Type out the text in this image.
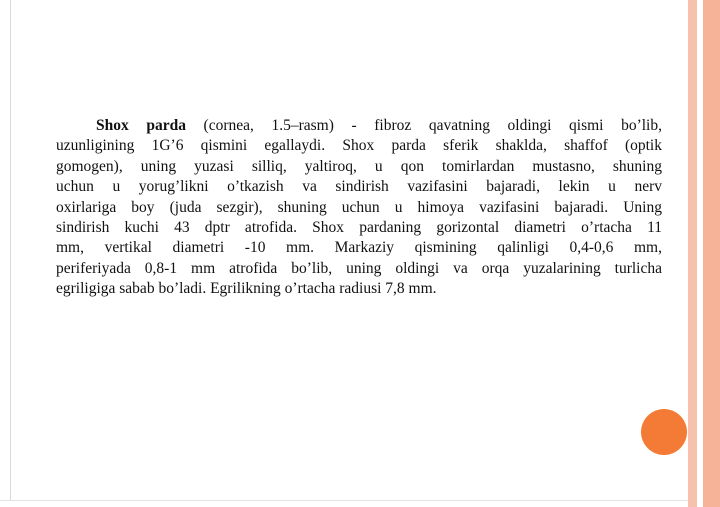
Shox parda (cornea, 1.5–rasm) - fibroz qavatning oldingi qismi bo’lib,
uzunligining 1G’6 qismini egallaydi. Shox parda sferik shaklda, shaffof (optik
gomogen), uning yuzasi silliq, yaltiroq, u qon tomirlardan mustasno, shuning
uchun u yorug’likni o’tkazish va sindirish vazifasini bajaradi, lekin u nerv
oxirlariga boy (juda sezgir), shuning uchun u himoya vazifasini bajaradi. Uning
sindirish kuchi 43 dptr atrofida. Shox pardaning gorizontal diametri o’rtacha 11
mm, vertikal diametri -10 mm. Markaziy qismining qalinligi 0,4-0,6 mm,
periferiyada 0,8-1 mm atrofida bo’lib, uning oldingi va orqa yuzalarining turlicha
egriligiga sabab bo’ladi. Egrilikning o’rtacha radiusi 7,8 mm.
